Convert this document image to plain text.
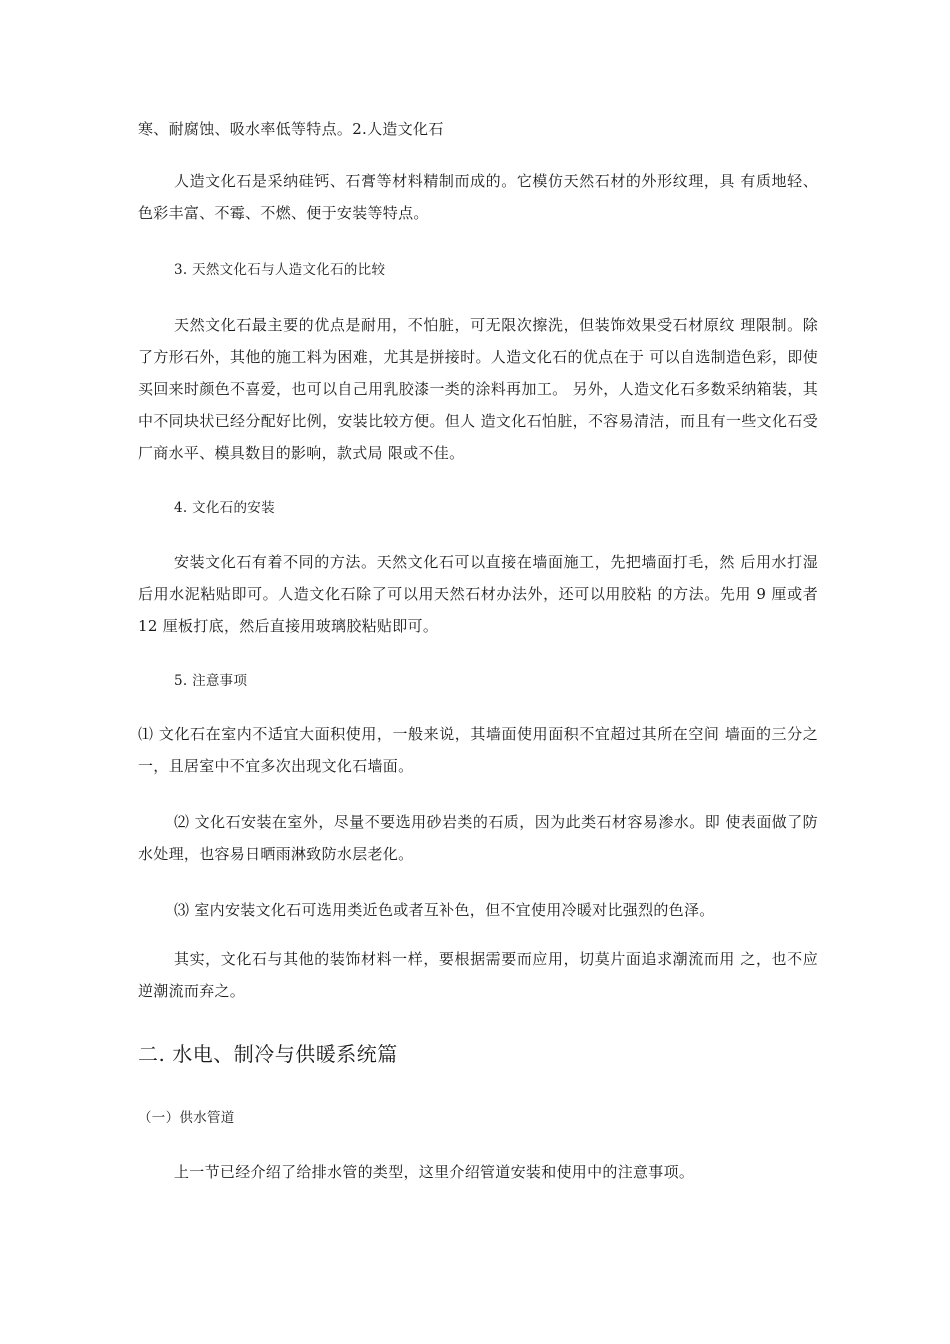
寒、耐腐蚀、吸水率低等特点。2.人造文化石

人造文化石是采纳硅钙、石膏等材料精制而成的。它模仿天然石材的外形纹理，具 有质地轻、色彩丰富、不霉、不燃、便于安装等特点。

3. 天然文化石与人造文化石的比较

天然文化石最主要的优点是耐用，不怕脏，可无限次擦洗，但装饰效果受石材原纹 理限制。除了方形石外，其他的施工料为困难，尤其是拼接时。人造文化石的优点在于 可以自选制造色彩，即使买回来时颜色不喜爱，也可以自己用乳胶漆一类的涂料再加工。 另外，人造文化石多数采纳箱装，其中不同块状已经分配好比例，安装比较方便。但人 造文化石怕脏，不容易清洁，而且有一些文化石受厂商水平、模具数目的影响，款式局 限或不佳。

4. 文化石的安装

安装文化石有着不同的方法。天然文化石可以直接在墙面施工，先把墙面打毛，然 后用水打湿后用水泥粘贴即可。人造文化石除了可以用天然石材办法外，还可以用胶粘 的方法。先用 9 厘或者 12 厘板打底，然后直接用玻璃胶粘贴即可。

5. 注意事项

⑴ 文化石在室内不适宜大面积使用，一般来说，其墙面使用面积不宜超过其所在空间 墙面的三分之一，且居室中不宜多次出现文化石墙面。

⑵ 文化石安装在室外，尽量不要选用砂岩类的石质，因为此类石材容易渗水。即 使表面做了防水处理，也容易日晒雨淋致防水层老化。

⑶ 室内安装文化石可选用类近色或者互补色，但不宜使用冷暖对比强烈的色泽。

其实，文化石与其他的装饰材料一样，要根据需要而应用，切莫片面追求潮流而用 之，也不应逆潮流而弃之。

二. 水电、制冷与供暖系统篇

（一）供水管道

上一节已经介绍了给排水管的类型，这里介绍管道安装和使用中的注意事项。
